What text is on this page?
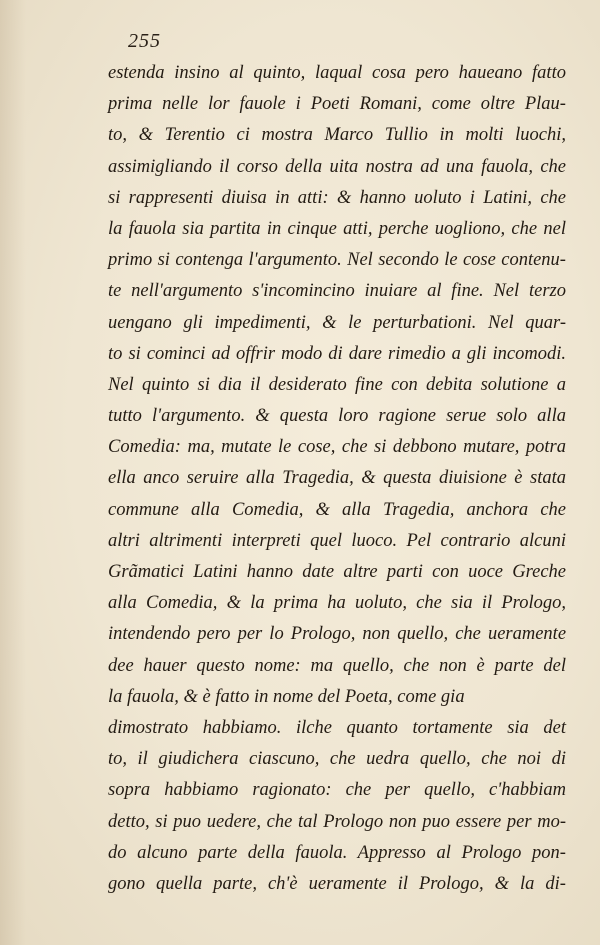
255
estenda insino al quinto, laqual cosa pero haueano fatto
prima nelle lor fauole i Poeti Romani, come oltre Plau-
to, & Terentio ci mostra Marco Tullio in molti luochi,
assimigliando il corso della uita nostra ad una fauola, che
si rappresenti diuisa in atti: & hanno uoluto i Latini, che
la fauola sia partita in cinque atti, perche uogliono, che nel
primo si contenga l'argumento. Nel secondo le cose contenu-
te nell'argumento s'incomincino inuiare al fine. Nel terzo
uengano gli impedimenti, & le perturbationi. Nel quar-
to si cominci ad offrir modo di dare rimedio a gli incomodi.
Nel quinto si dia il desiderato fine con debita solutione a
tutto l'argumento. & questa loro ragione serue solo alla
Comedia: ma, mutate le cose, che si debbono mutare, potra
ella anco seruire alla Tragedia, & questa diuisione è stata
commune alla Comedia, & alla Tragedia, anchora che
altri altrimenti interpreti quel luoco. Pel contrario alcuni
Grãmatici Latini hanno date altre parti con uoce Greche
alla Comedia, & la prima ha uoluto, che sia il Prologo,
intendendo pero per lo Prologo, non quello, che ueramente
dee hauer questo nome: ma quello, che non è parte del
la fauola, & è fatto in nome del Poeta, come gia
dimostrato habbiamo. ilche quanto tortamente sia det
to, il giudichera ciascuno, che uedra quello, che noi di
sopra habbiamo ragionato: che per quello, c'habbiam
detto, si puo uedere, che tal Prologo non puo essere per mo-
do alcuno parte della fauola. Appresso al Prologo pon-
gono quella parte, ch'è ueramente il Prologo, & la di-
